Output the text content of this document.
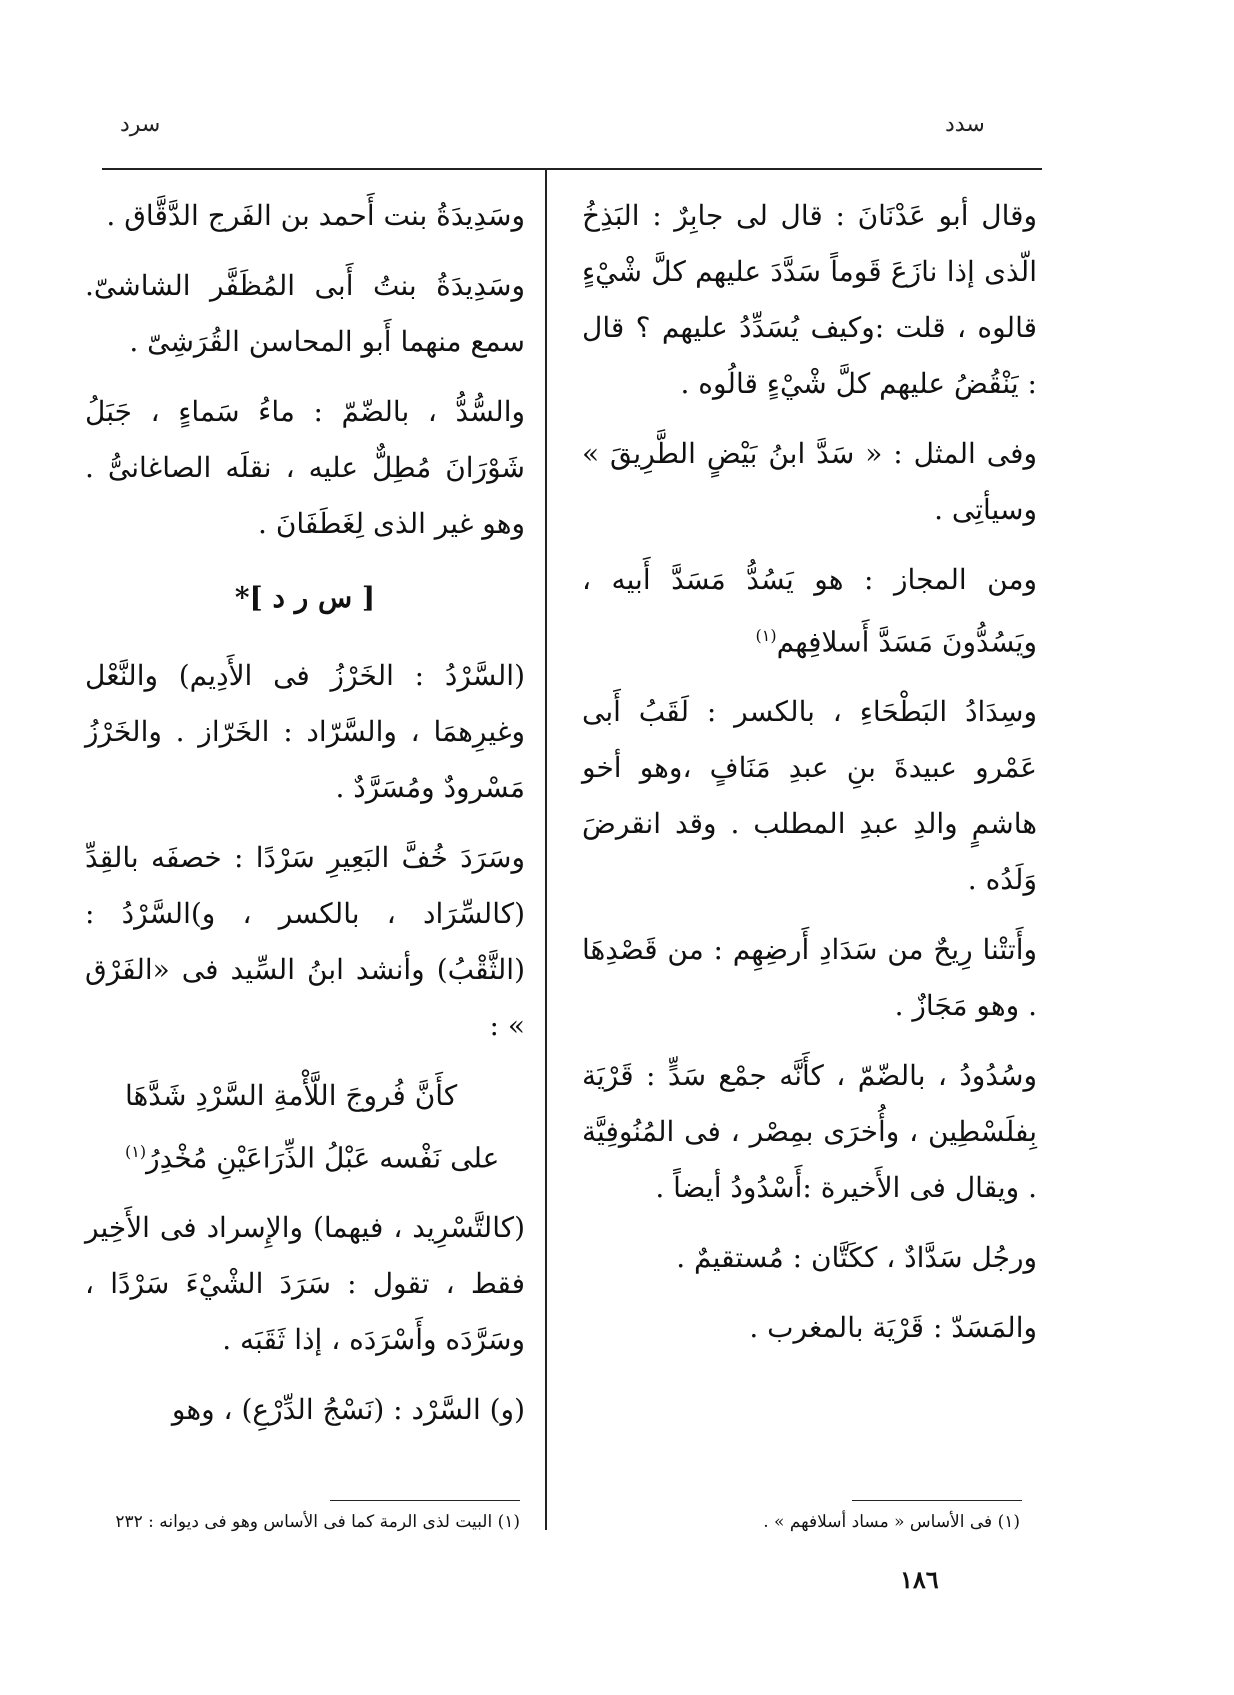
سرد	سدد

وقال أبو عَدْنَانَ : قال لى جابِرٌ : البَذِخُ الّذى إذا نازَعَ قَوماً سَدَّدَ عليهم كلَّ شْيْءٍ قالوه ، قلت :وكيف يُسَدِّدُ عليهم ؟ قال : يَنْقُضُ عليهم كلَّ شْيْءٍ قالُوه .

وفى المثل : « سَدَّ ابنُ بَيْضٍ الطَّرِيقَ » وسيأتِى .

ومن المجاز : هو يَسُدُّ مَسَدَّ أَبيه ، ويَسُدُّونَ مَسَدَّ أَسلافِهم$^{(١)}$

وسِدَادُ البَطْحَاءِ ، بالكسر : لَقَبُ أَبى عَمْرو عبيدةَ بنِ عبدِ مَنَافٍ ،وهو أخو هاشمٍ والدِ عبدِ المطلب . وقد انقرضَ وَلَدُه .

وأَتتْنا رِيحٌ من سَدَادِ أَرضِهِم : من قَصْدِهَا . وهو مَجَازٌ .

وسُدُودُ ، بالضّمّ ، كأَنَّه جمْع سَدٍّ : قَرْيَة بِفلَسْطِين ، وأُخرَى بمِصْر ، فى المُنُوفِيَّة . ويقال فى الأَخيرة :أَسْدُودُ أيضاً .

ورجُل سَدَّادٌ ، ككَتَّان : مُستقيمٌ .

والمَسَدّ : قَرْيَة بالمغرب .

وسَدِيدَةُ بنت أَحمد بن الفَرج الدَّقَّاق .

وسَدِيدَةُ بنتُ أَبى المُظَفَّر الشاشىّ. سمع منهما أَبو المحاسن القُرَشِىّ .

والسُّدُّ ، بالضّمّ : ماءُ سَماءٍ ، جَبَلُ شَوْرَانَ مُطِلٌّ عليه ، نقلَه الصاغانىُّ . وهو غير الذى لِغَطَفَانَ .

[ س ر د ]*

(السَّرْدُ : الخَرْزُ فى الأَدِيم) والنَّعْل وغيرِهمَا ، والسَّرّاد : الخَرّاز . والخَرْزُ مَسْرودٌ ومُسَرَّدٌ .

وسَرَدَ خُفَّ البَعِيرِ سَرْدًا : خصفَه بالقِدِّ (كالسِّرَاد ، بالكسر ، و)السَّرْدُ : (الثَّقْبُ) وأنشد ابنُ السِّيد فى «الفَرْق » :

كأَنَّ فُروجَ اللَّأْمةِ السَّرْدِ شَدَّهَا
على نَفْسه عَبْلُ الذِّرَاعَيْنِ مُخْدِرُ$^{(١)}$

(كالتَّسْرِيد ، فيهما) والإِسراد فى الأَخِير فقط ، تقول : سَرَدَ الشْيْءَ سَرْدًا ، وسَرَّدَه وأَسْرَدَه ، إذا ثَقَبَه .

(و) السَّرْد : (نَسْجُ الدِّرْعِ) ، وهو

(١) البيت لذى الرمة كما فى الأساس وهو فى ديوانه : ٢٣٢	(١) فى الأساس « مساد أسلافهم » .
١٨٦
